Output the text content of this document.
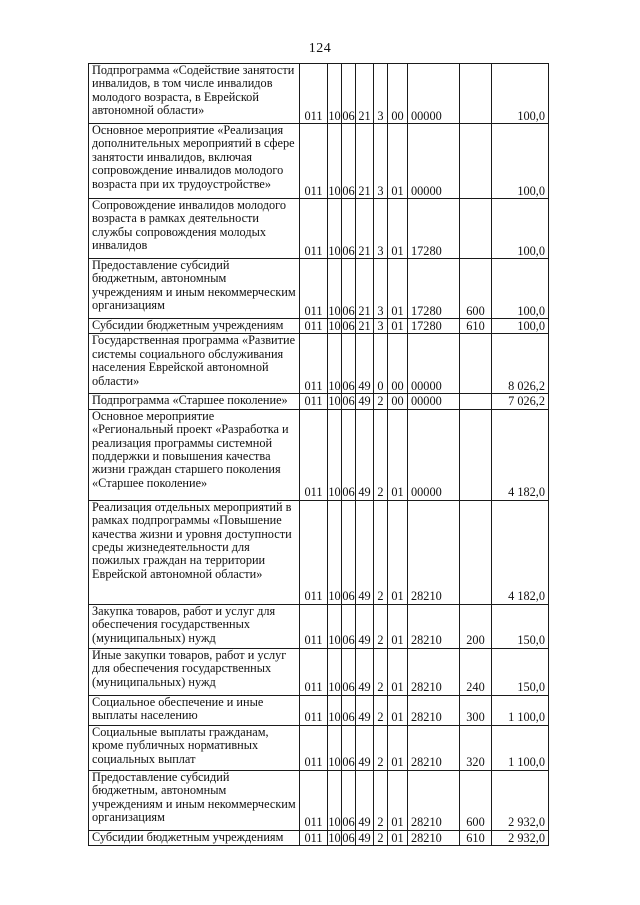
124
Подпрограмма «Содействие занятости инвалидов, в том числе инвалидов молодого возраста, в Еврейской автономной области»	011	10	06	21	3	00	00000		100,0
Основное мероприятие «Реализация дополнительных мероприятий в сфере занятости инвалидов, включая сопровождение инвалидов молодого возраста при их трудоустройстве»	011	10	06	21	3	01	00000		100,0
Сопровождение инвалидов молодого возраста в рамках деятельности службы сопровождения молодых инвалидов	011	10	06	21	3	01	17280		100,0
Предоставление субсидий бюджетным, автономным учреждениям и иным некоммерческим организациям	011	10	06	21	3	01	17280	600	100,0
Субсидии бюджетным учреждениям	011	10	06	21	3	01	17280	610	100,0
Государственная программа «Развитие системы социального обслуживания населения Еврейской автономной области»	011	10	06	49	0	00	00000		8 026,2
Подпрограмма «Старшее поколение»	011	10	06	49	2	00	00000		7 026,2
Основное мероприятие «Региональный проект «Разработка и реализация программы системной поддержки и повышения качества жизни граждан старшего поколения «Старшее поколение»	011	10	06	49	2	01	00000		4 182,0
Реализация отдельных мероприятий в рамках подпрограммы «Повышение качества жизни и уровня доступности среды жизнедеятельности для пожилых граждан на территории Еврейской автономной области»	011	10	06	49	2	01	28210		4 182,0
Закупка товаров, работ и услуг для обеспечения государственных (муниципальных) нужд	011	10	06	49	2	01	28210	200	150,0
Иные закупки товаров, работ и услуг для обеспечения государственных (муниципальных) нужд	011	10	06	49	2	01	28210	240	150,0
Социальное обеспечение и иные выплаты населению	011	10	06	49	2	01	28210	300	1 100,0
Социальные выплаты гражданам, кроме публичных нормативных социальных выплат	011	10	06	49	2	01	28210	320	1 100,0
Предоставление субсидий бюджетным, автономным учреждениям и иным некоммерческим организациям	011	10	06	49	2	01	28210	600	2 932,0
Субсидии бюджетным учреждениям	011	10	06	49	2	01	28210	610	2 932,0
